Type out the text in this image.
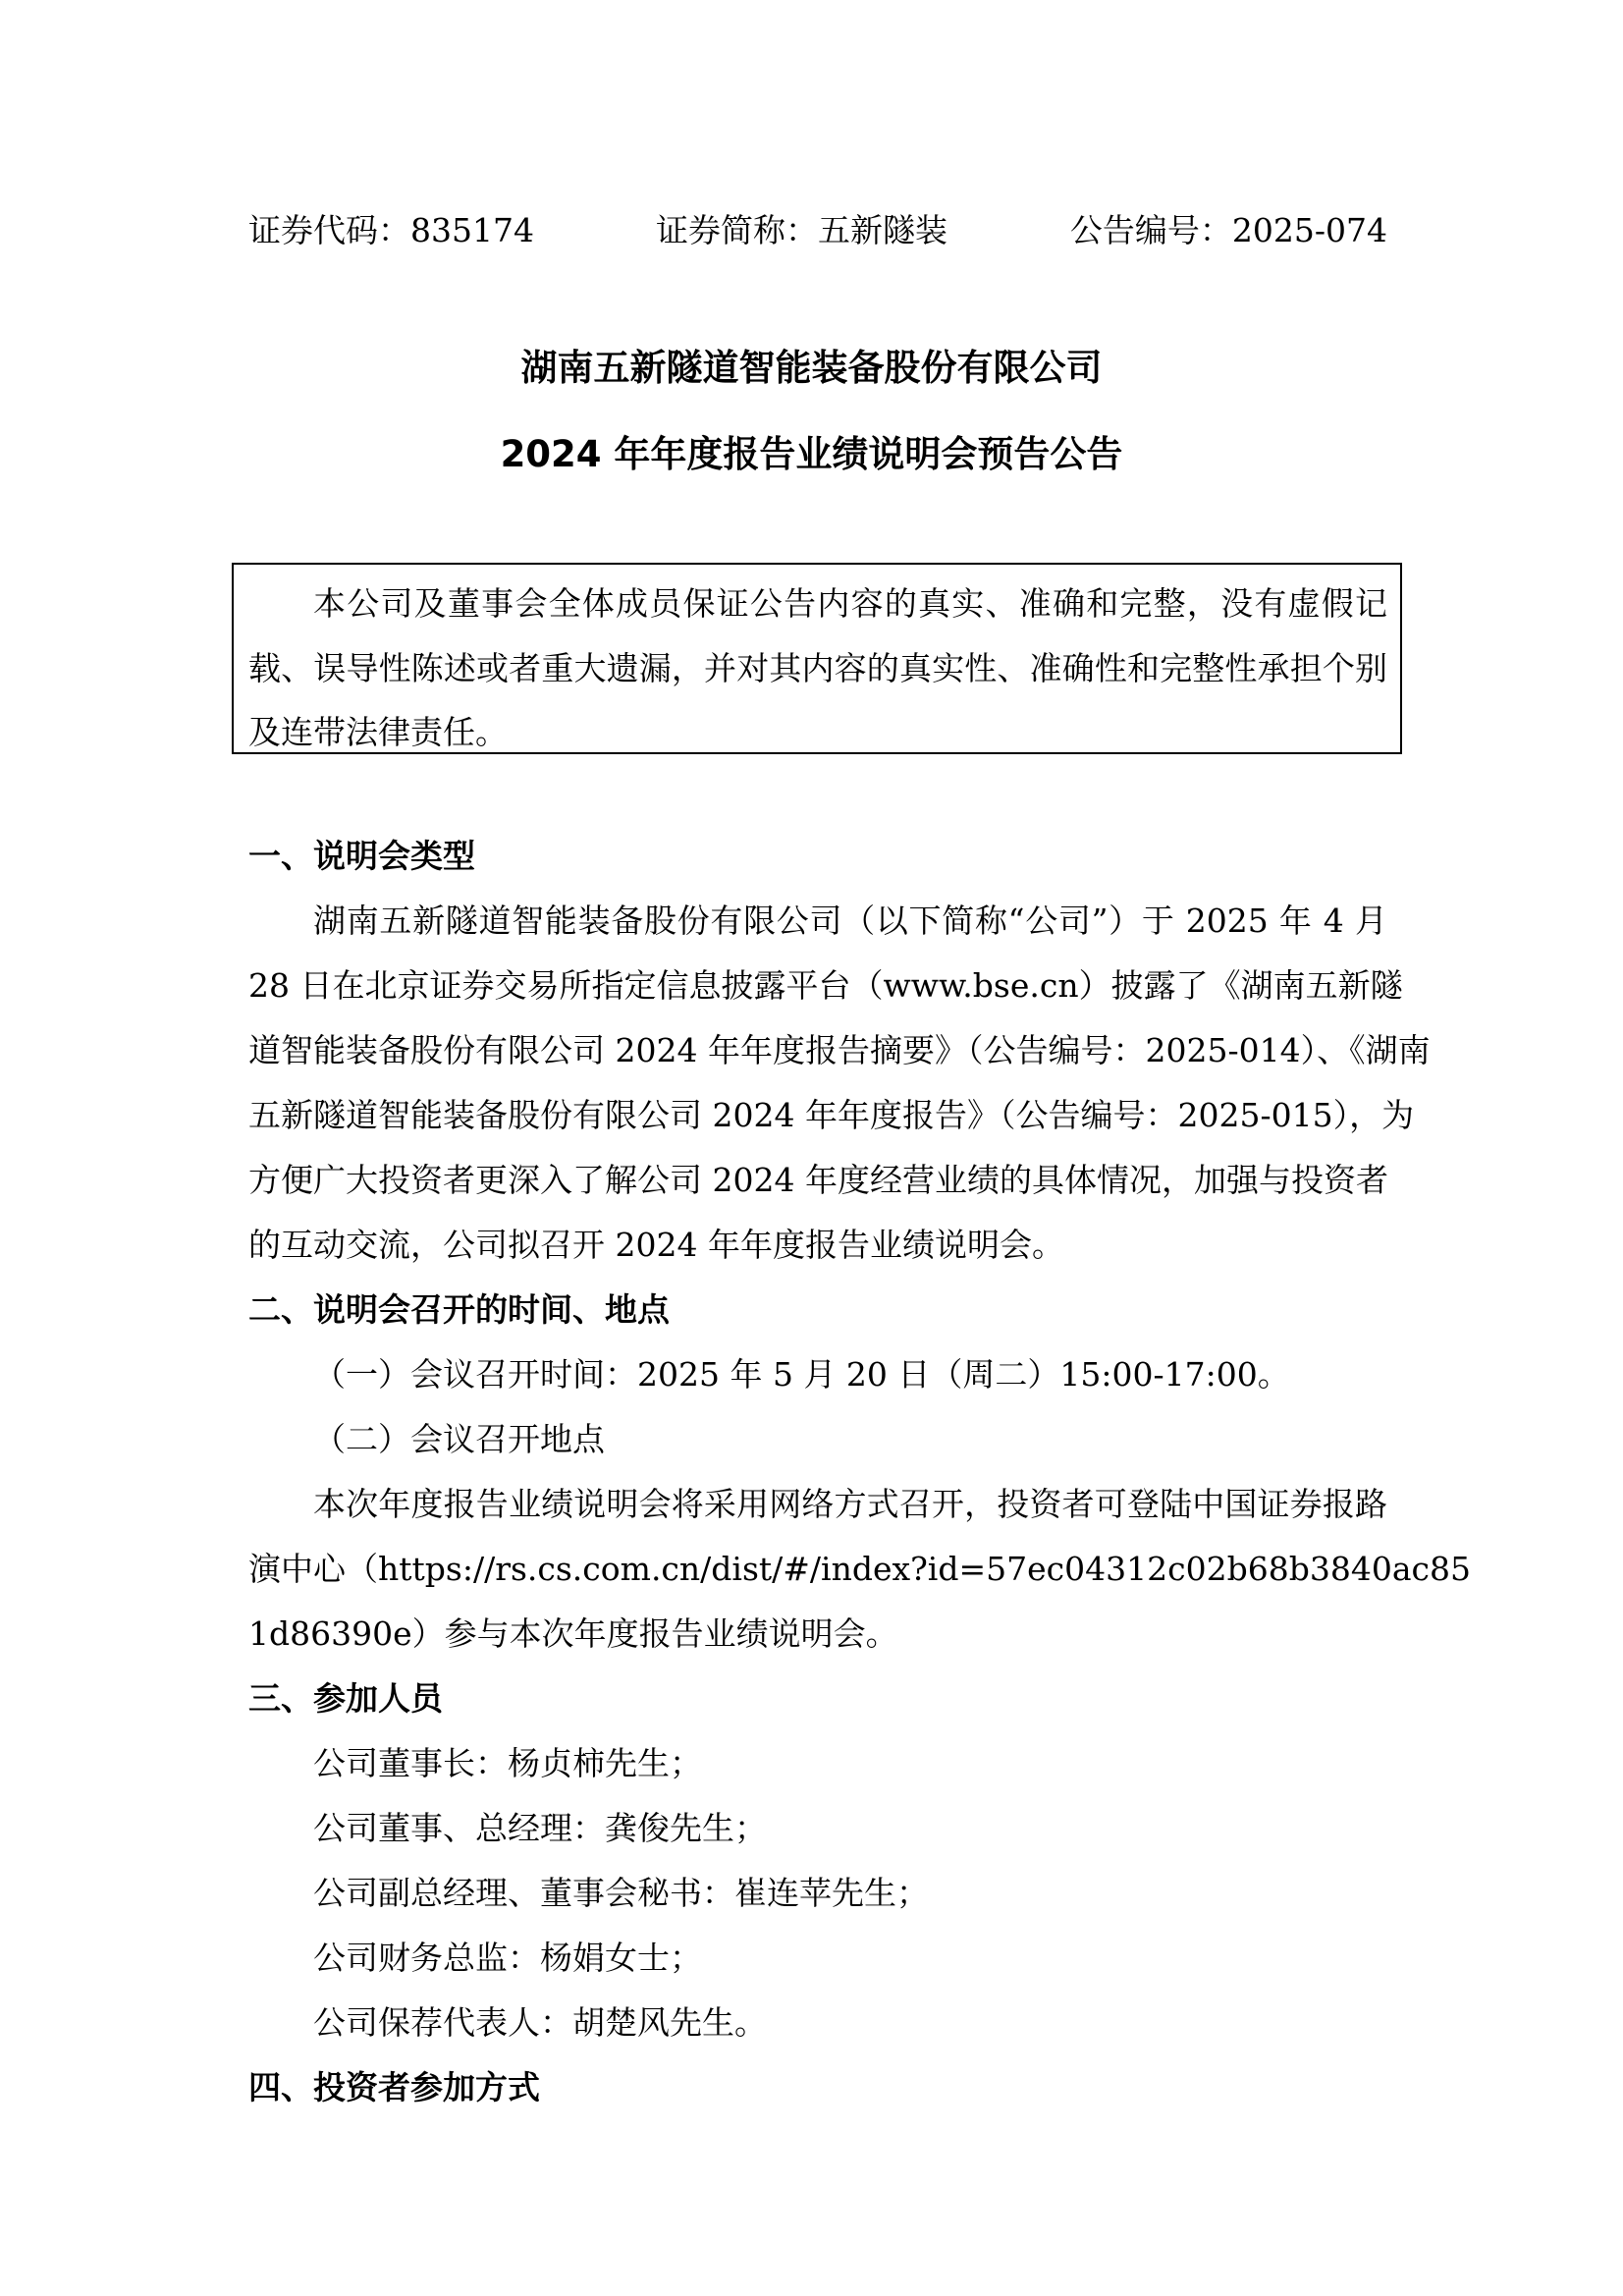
证券代码：835174	证券简称：五新隧装	公告编号：2025-074
湖南五新隧道智能装备股份有限公司
2024 年年度报告业绩说明会预告公告
本公司及董事会全体成员保证公告内容的真实、准确和完整，没有虚假记载、误导性陈述或者重大遗漏，并对其内容的真实性、准确性和完整性承担个别及连带法律责任。
一、说明会类型
湖南五新隧道智能装备股份有限公司（以下简称“公司”）于 2025 年 4 月
28 日在北京证券交易所指定信息披露平台（www.bse.cn）披露了《湖南五新隧
道智能装备股份有限公司 2024 年年度报告摘要》（公告编号：2025-014）、《湖南
五新隧道智能装备股份有限公司 2024 年年度报告》（公告编号：2025-015），为
方便广大投资者更深入了解公司 2024 年度经营业绩的具体情况，加强与投资者
的互动交流，公司拟召开 2024 年年度报告业绩说明会。
二、说明会召开的时间、地点
（一）会议召开时间：2025 年 5 月 20 日（周二）15:00-17:00。
（二）会议召开地点
本次年度报告业绩说明会将采用网络方式召开，投资者可登陆中国证券报路
演中心（https://rs.cs.com.cn/dist/#/index?id=57ec04312c02b68b3840ac85
1d86390e）参与本次年度报告业绩说明会。
三、参加人员
公司董事长：杨贞柿先生；
公司董事、总经理：龚俊先生；
公司副总经理、董事会秘书：崔连苹先生；
公司财务总监：杨娟女士；
公司保荐代表人：胡楚风先生。
四、投资者参加方式
